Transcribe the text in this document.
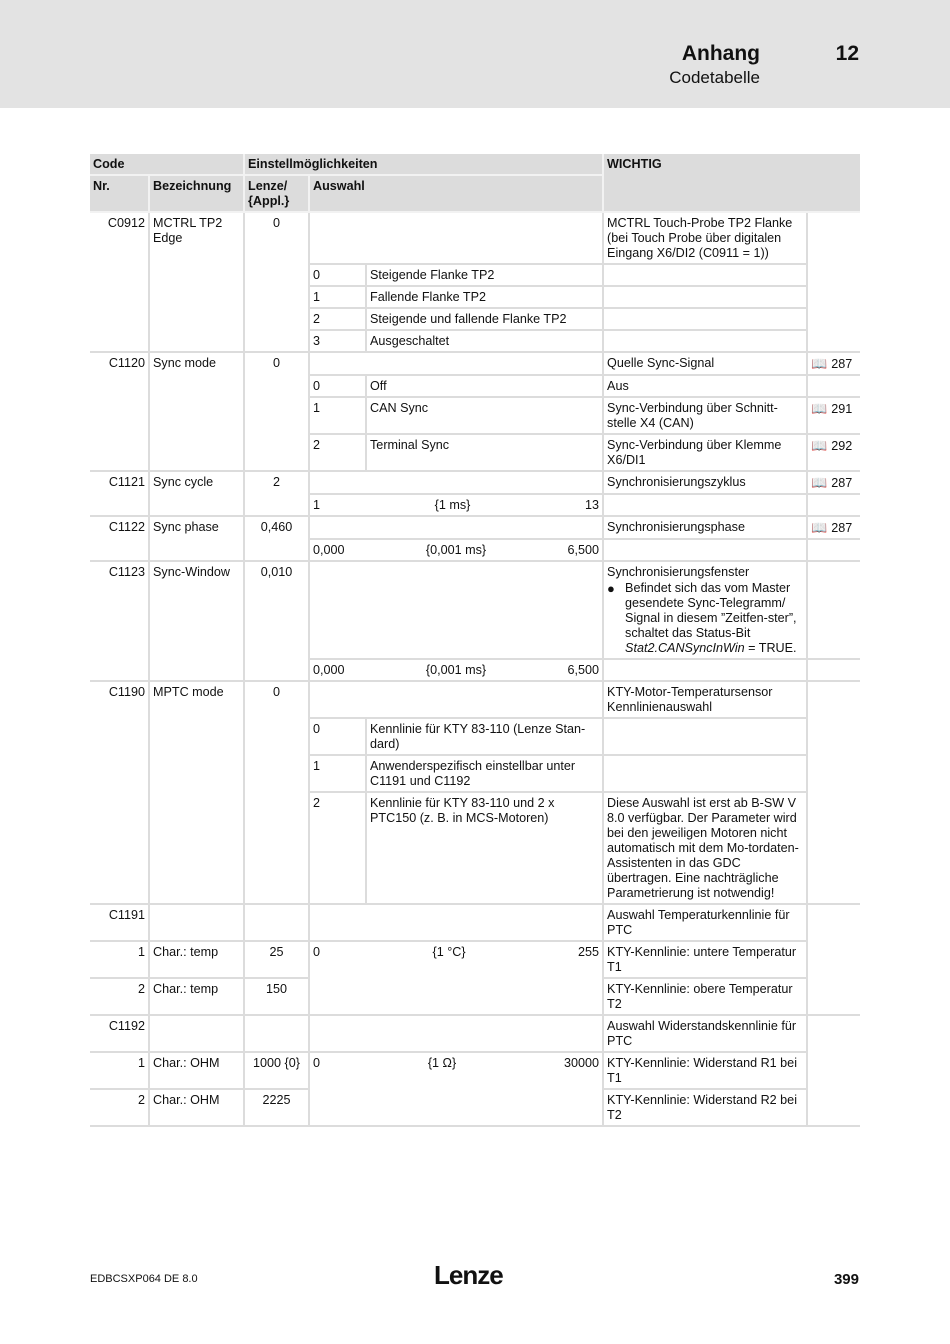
Anhang	12
Codetabelle
Code		Einstellmöglichkeiten			WICHTIG	
Nr.	Bezeichnung	Lenze/ {Appl.}	Auswahl			
C0912	MCTRL TP2 Edge	0			MCTRL Touch-Probe TP2 Flanke (bei Touch Probe über digitalen Eingang X6/DI2 (C0911 = 1))	
			0	Steigende Flanke TP2		
			1	Fallende Flanke TP2		
			2	Steigende und fallende Flanke TP2		
			3	Ausgeschaltet		
C1120	Sync mode	0			Quelle Sync-Signal	📖 287
			0	Off	Aus	
			1	CAN Sync	Sync-Verbindung über Schnitt-stelle X4 (CAN)	📖 291
			2	Terminal Sync	Sync-Verbindung über Klemme X6/DI1	📖 292
C1121	Sync cycle	2			Synchronisierungszyklus	📖 287

			1 {1 ms} 13			

C1122	Sync phase	0,460			Synchronisierungsphase	📖 287

			0,000 {0,001 ms} 6,500			

C1123	Sync-Window	0,010			Synchronisierungsfenster
● Befindet sich das vom Master gesendete Sync-Telegramm/ Signal in diesem ”Zeitfen-ster”, schaltet das Status-Bit Stat2.CANSyncInWin = TRUE.	

			0,000 {0,001 ms} 6,500			

C1190	MPTC mode	0			KTY-Motor-Temperatursensor Kennlinienauswahl	
			0	Kennlinie für KTY 83-110 (Lenze Stan-dard)		
			1	Anwenderspezifisch einstellbar unter C1191 und C1192		
			2	Kennlinie für KTY 83-110 und 2 x PTC150 (z. B. in MCS-Motoren)	Diese Auswahl ist erst ab B-SW V 8.0 verfügbar. Der Parameter wird bei den jeweiligen Motoren nicht automatisch mit dem Mo-tordaten-Assistenten in das GDC übertragen. Eine nachträgliche Parametrierung ist notwendig!	
C1191					Auswahl Temperaturkennlinie für PTC	
1	Char.: temp	25	0 {1 °C} 255		KTY-Kennlinie: untere Temperatur T1	
2	Char.: temp	150			KTY-Kennlinie: obere Temperatur T2	
C1192					Auswahl Widerstandskennlinie für PTC	
1	Char.: OHM	1000 {0}	0 {1 Ω} 30000		KTY-Kennlinie: Widerstand R1 bei T1	
2	Char.: OHM	2225			KTY-Kennlinie: Widerstand R2 bei T2	
EDBCSXP064 DE 8.0	Lenze	399
